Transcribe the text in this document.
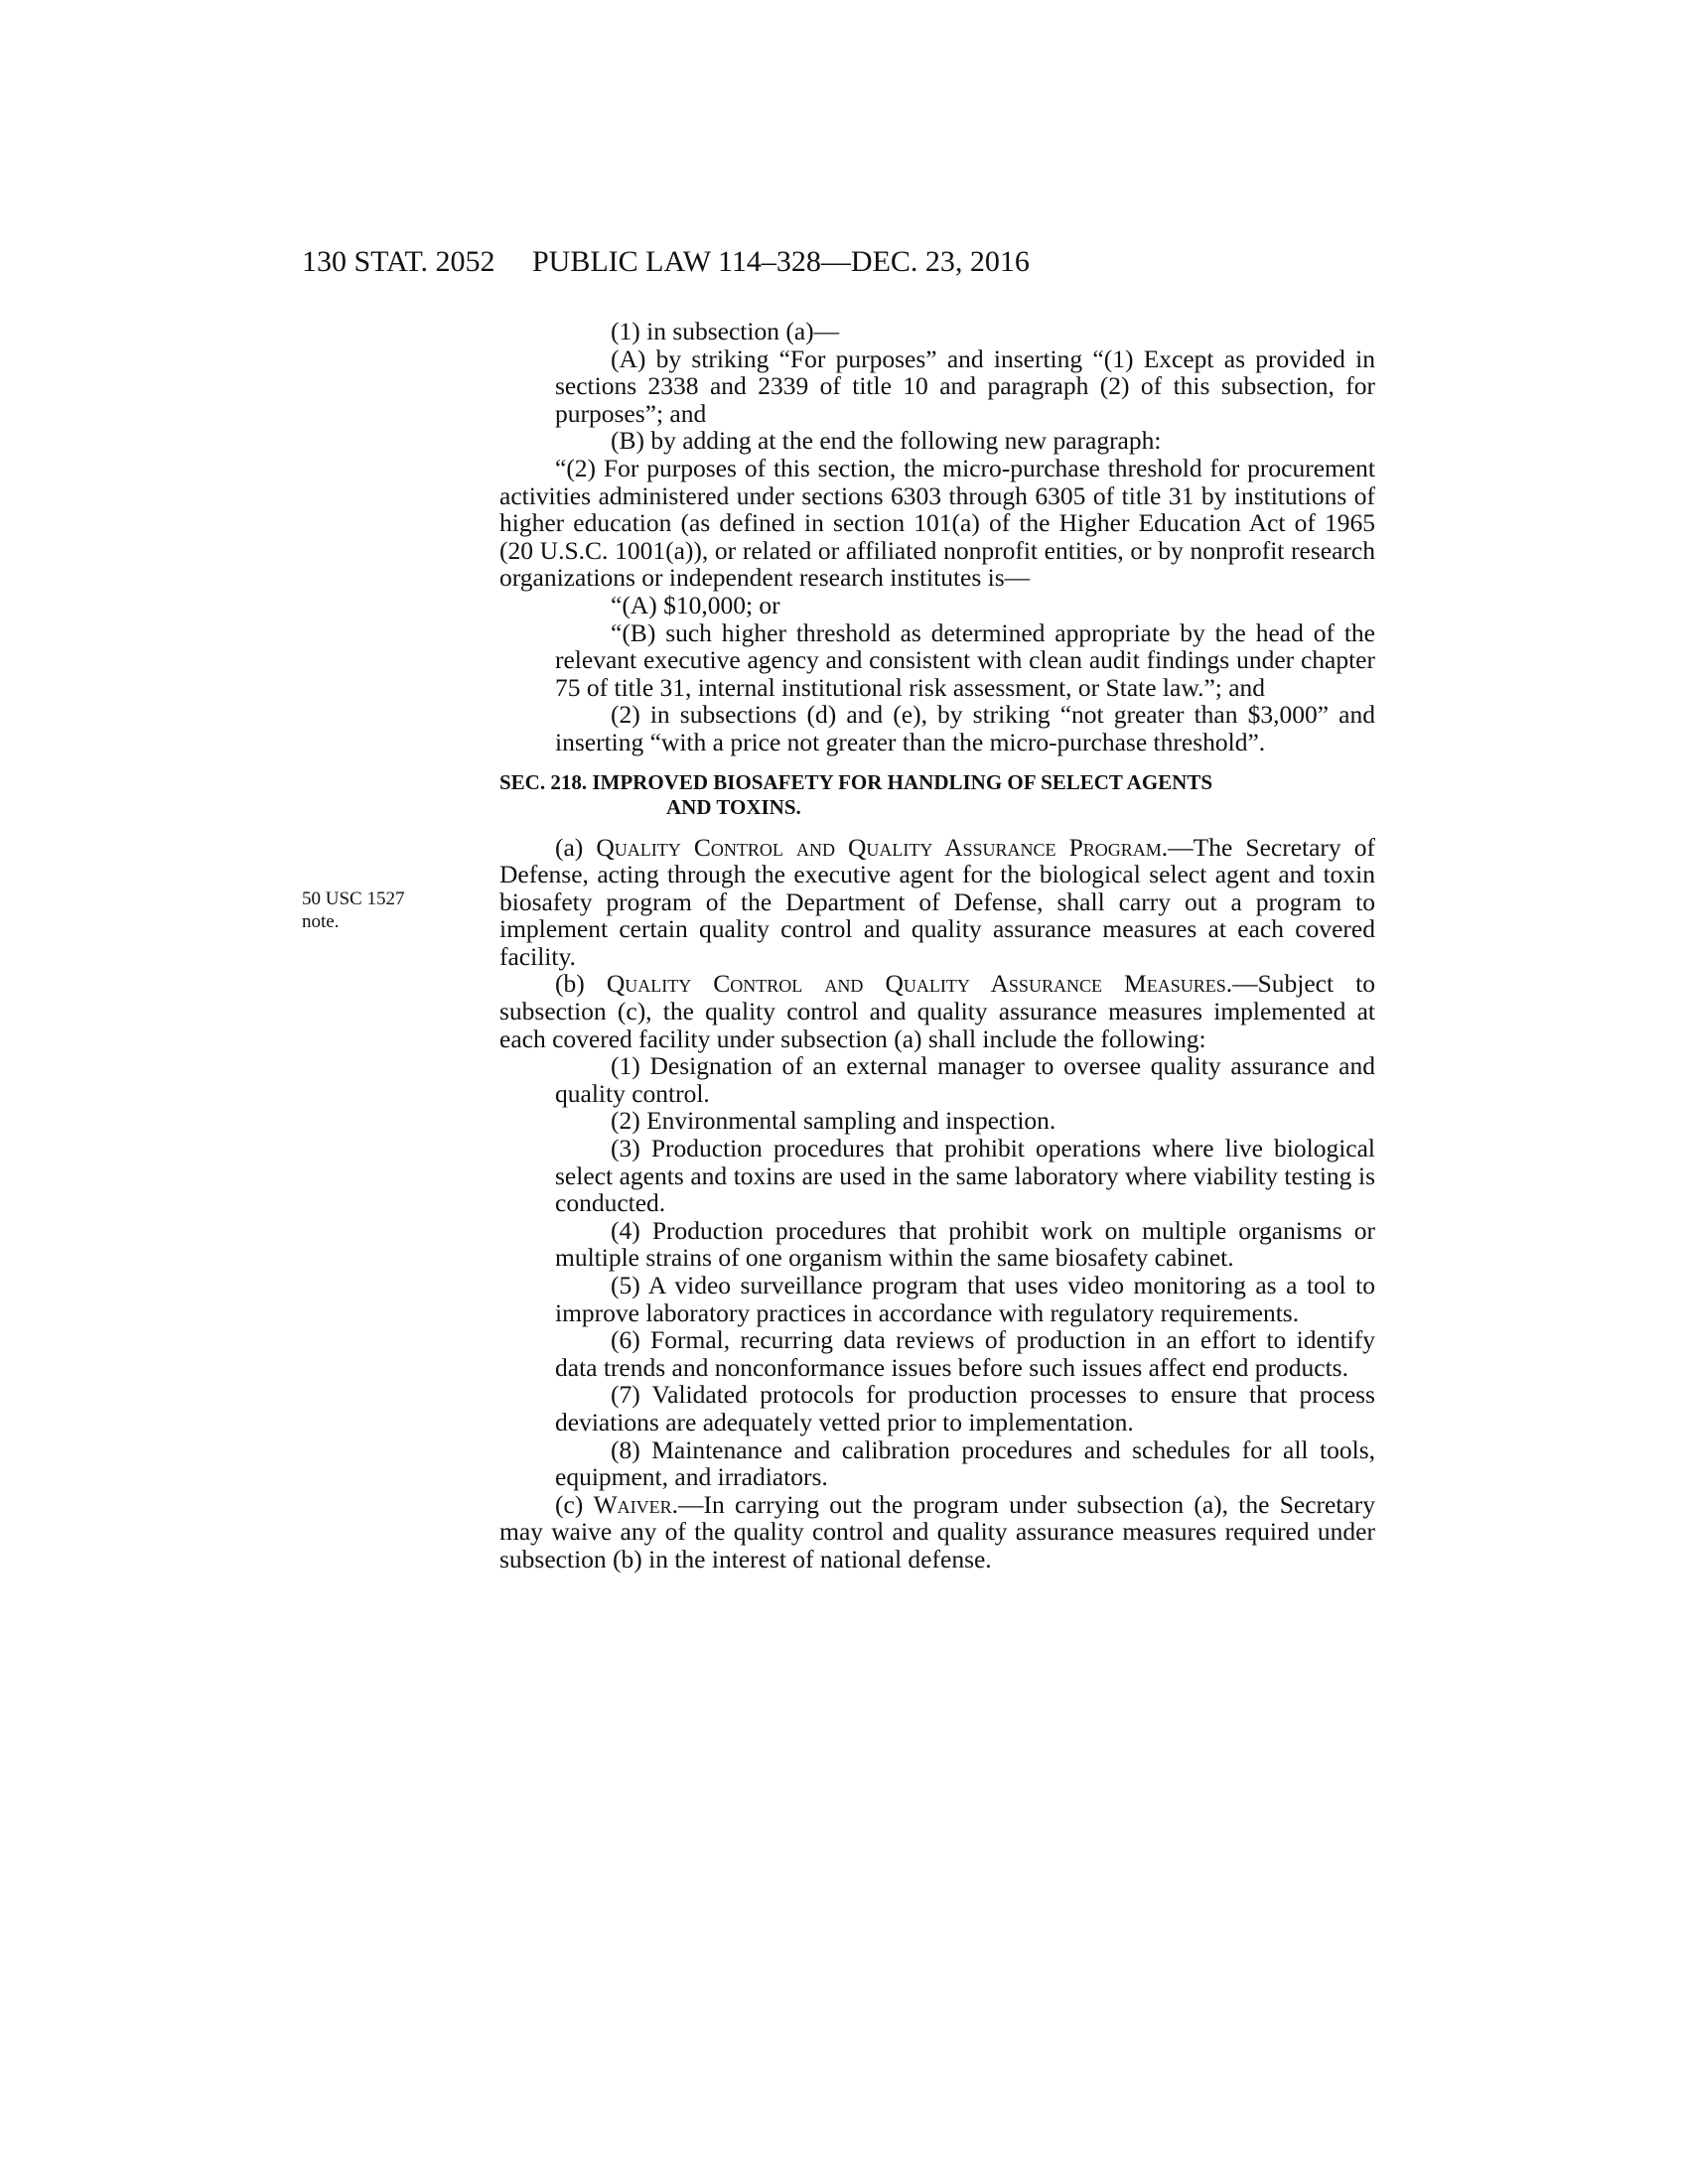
130 STAT. 2052 PUBLIC LAW 114–328—DEC. 23, 2016
50 USC 1527
note.

(1) in subsection (a)—

(A) by striking “For purposes” and inserting “(1) Except as provided in sections 2338 and 2339 of title 10 and paragraph (2) of this subsection, for purposes”; and

(B) by adding at the end the following new paragraph:

“(2) For purposes of this section, the micro-purchase threshold for procurement activities administered under sections 6303 through 6305 of title 31 by institutions of higher education (as defined in section 101(a) of the Higher Education Act of 1965 (20 U.S.C. 1001(a)), or related or affiliated nonprofit entities, or by nonprofit research organizations or independent research institutes is—

“(A) $10,000; or

“(B) such higher threshold as determined appropriate by the head of the relevant executive agency and consistent with clean audit findings under chapter 75 of title 31, internal institutional risk assessment, or State law.”; and

(2) in subsections (d) and (e), by striking “not greater than $3,000” and inserting “with a price not greater than the micro-purchase threshold”.

SEC. 218. IMPROVED BIOSAFETY FOR HANDLING OF SELECT AGENTS
AND TOXINS.

(a) Quality Control and Quality Assurance Program.—The Secretary of Defense, acting through the executive agent for the biological select agent and toxin biosafety program of the Department of Defense, shall carry out a program to implement certain quality control and quality assurance measures at each covered facility.

(b) Quality Control and Quality Assurance Measures.—Subject to subsection (c), the quality control and quality assurance measures implemented at each covered facility under subsection (a) shall include the following:

(1) Designation of an external manager to oversee quality assurance and quality control.

(2) Environmental sampling and inspection.

(3) Production procedures that prohibit operations where live biological select agents and toxins are used in the same laboratory where viability testing is conducted.

(4) Production procedures that prohibit work on multiple organisms or multiple strains of one organism within the same biosafety cabinet.

(5) A video surveillance program that uses video monitoring as a tool to improve laboratory practices in accordance with regulatory requirements.

(6) Formal, recurring data reviews of production in an effort to identify data trends and nonconformance issues before such issues affect end products.

(7) Validated protocols for production processes to ensure that process deviations are adequately vetted prior to implementation.

(8) Maintenance and calibration procedures and schedules for all tools, equipment, and irradiators.

(c) Waiver.—In carrying out the program under subsection (a), the Secretary may waive any of the quality control and quality assurance measures required under subsection (b) in the interest of national defense.
